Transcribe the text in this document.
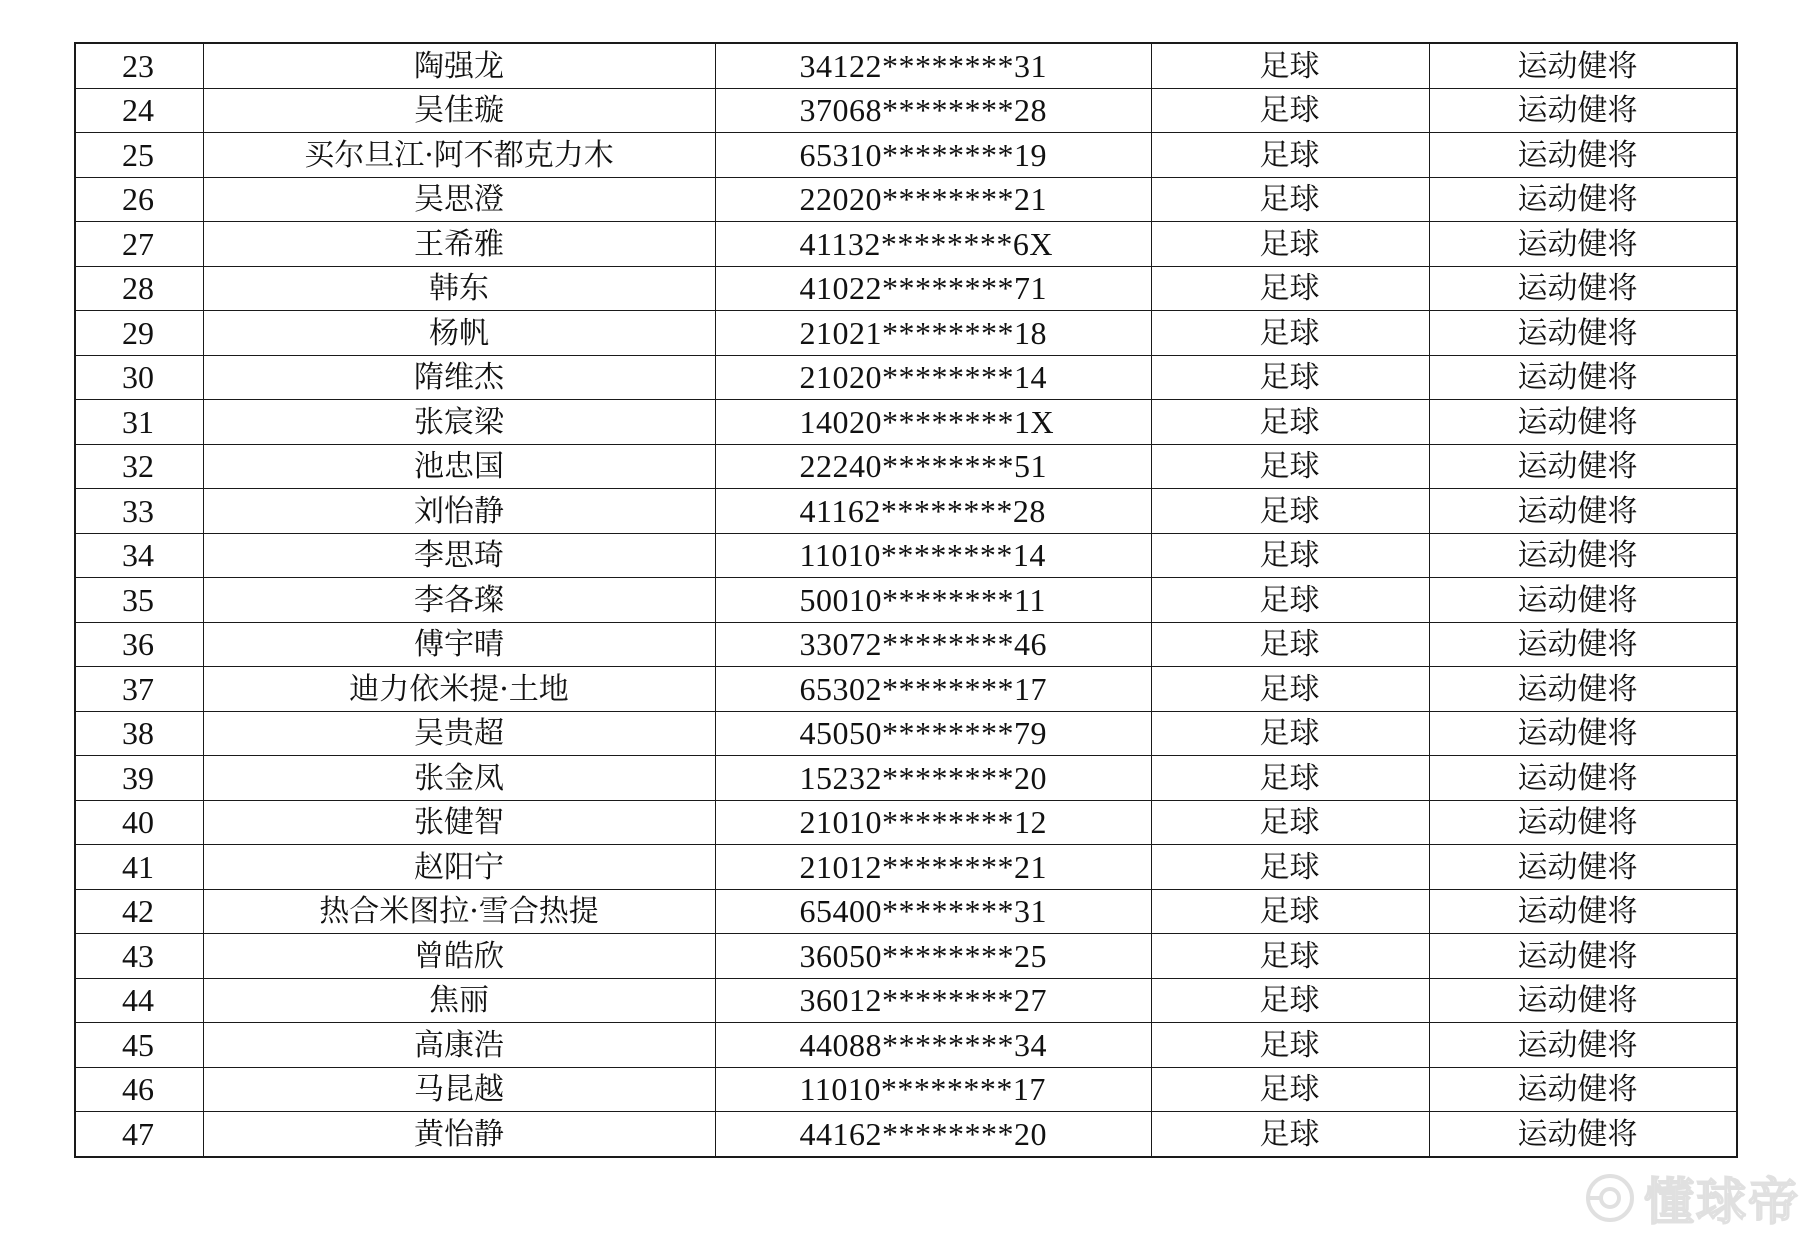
23	陶强龙	34122********31	足球	运动健将
24	吴佳璇	37068********28	足球	运动健将
25	买尔旦江·阿不都克力木	65310********19	足球	运动健将
26	吴思澄	22020********21	足球	运动健将
27	王希雅	41132********6X	足球	运动健将
28	韩东	41022********71	足球	运动健将
29	杨帆	21021********18	足球	运动健将
30	隋维杰	21020********14	足球	运动健将
31	张宸梁	14020********1X	足球	运动健将
32	池忠国	22240********51	足球	运动健将
33	刘怡静	41162********28	足球	运动健将
34	李思琦	11010********14	足球	运动健将
35	李各璨	50010********11	足球	运动健将
36	傅宇晴	33072********46	足球	运动健将
37	迪力依米提·土地	65302********17	足球	运动健将
38	吴贵超	45050********79	足球	运动健将
39	张金凤	15232********20	足球	运动健将
40	张健智	21010********12	足球	运动健将
41	赵阳宁	21012********21	足球	运动健将
42	热合米图拉·雪合热提	65400********31	足球	运动健将
43	曾皓欣	36050********25	足球	运动健将
44	焦丽	36012********27	足球	运动健将
45	高康浩	44088********34	足球	运动健将
46	马昆越	11010********17	足球	运动健将
47	黄怡静	44162********20	足球	运动健将
懂球帝
